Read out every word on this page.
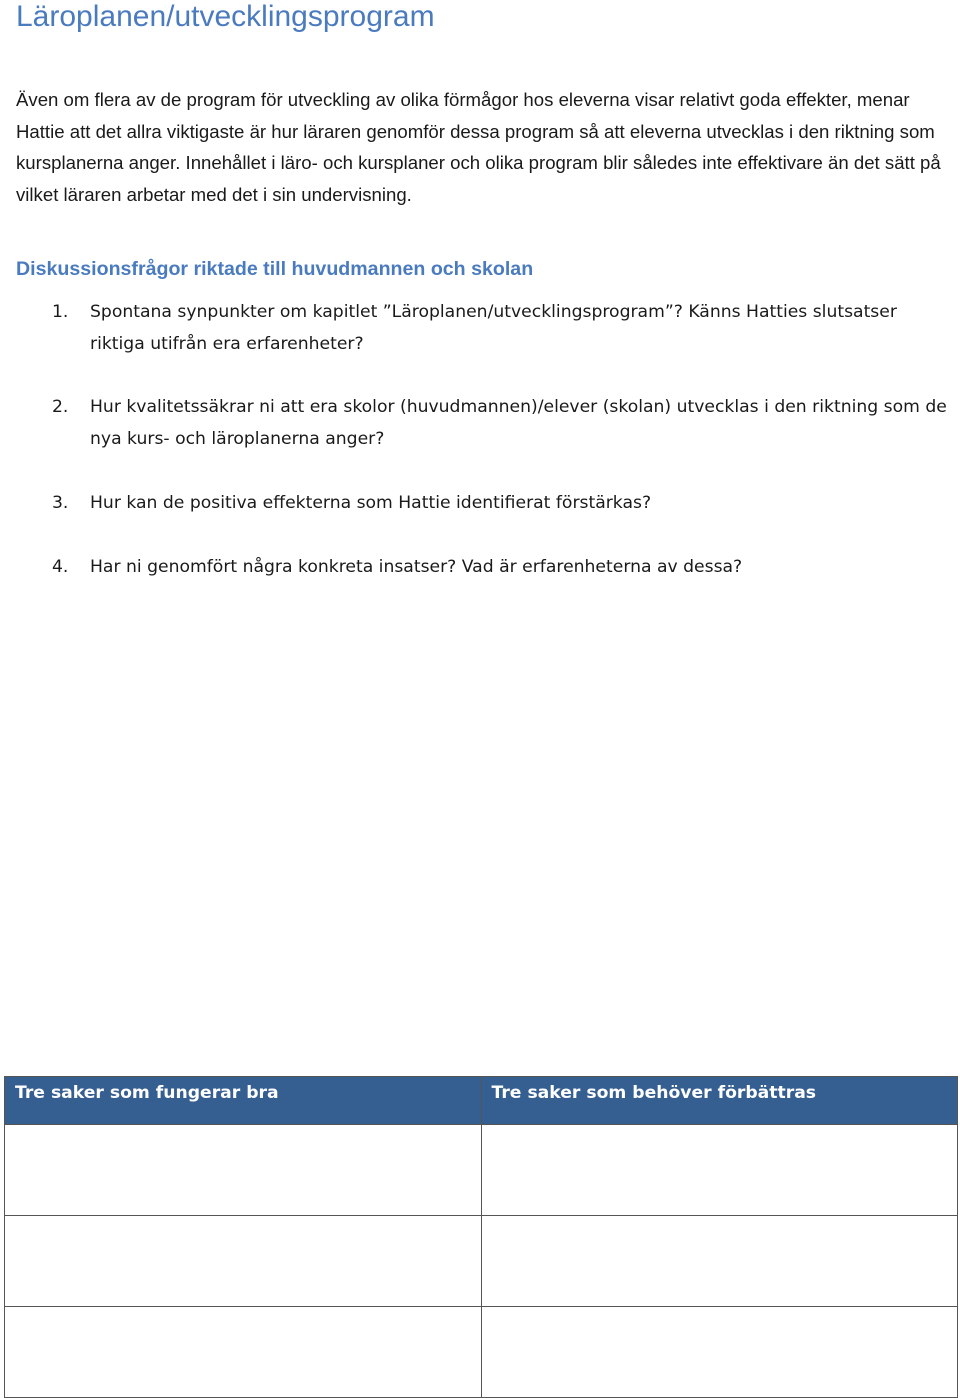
Läroplanen/utvecklingsprogram

Även om flera av de program för utveckling av olika förmågor hos eleverna visar relativt goda effekter, menar Hattie att det allra viktigaste är hur läraren genomför dessa program så att eleverna utvecklas i den riktning som kursplanerna anger. Innehållet i läro- och kursplaner och olika program blir således inte effektivare än det sätt på vilket läraren arbetar med det i sin undervisning.

Diskussionsfrågor riktade till huvudmannen och skolan
1. Spontana synpunkter om kapitlet ”Läroplanen/utvecklingsprogram”? Känns Hatties slutsatser riktiga utifrån era erfarenheter?
2. Hur kvalitetssäkrar ni att era skolor (huvudmannen)/elever (skolan) utvecklas i den riktning som de nya kurs- och läroplanerna anger?
3. Hur kan de positiva effekterna som Hattie identifierat förstärkas?
4. Har ni genomfört några konkreta insatser? Vad är erfarenheterna av dessa?
Tre saker som fungerar bra	Tre saker som behöver förbättras
